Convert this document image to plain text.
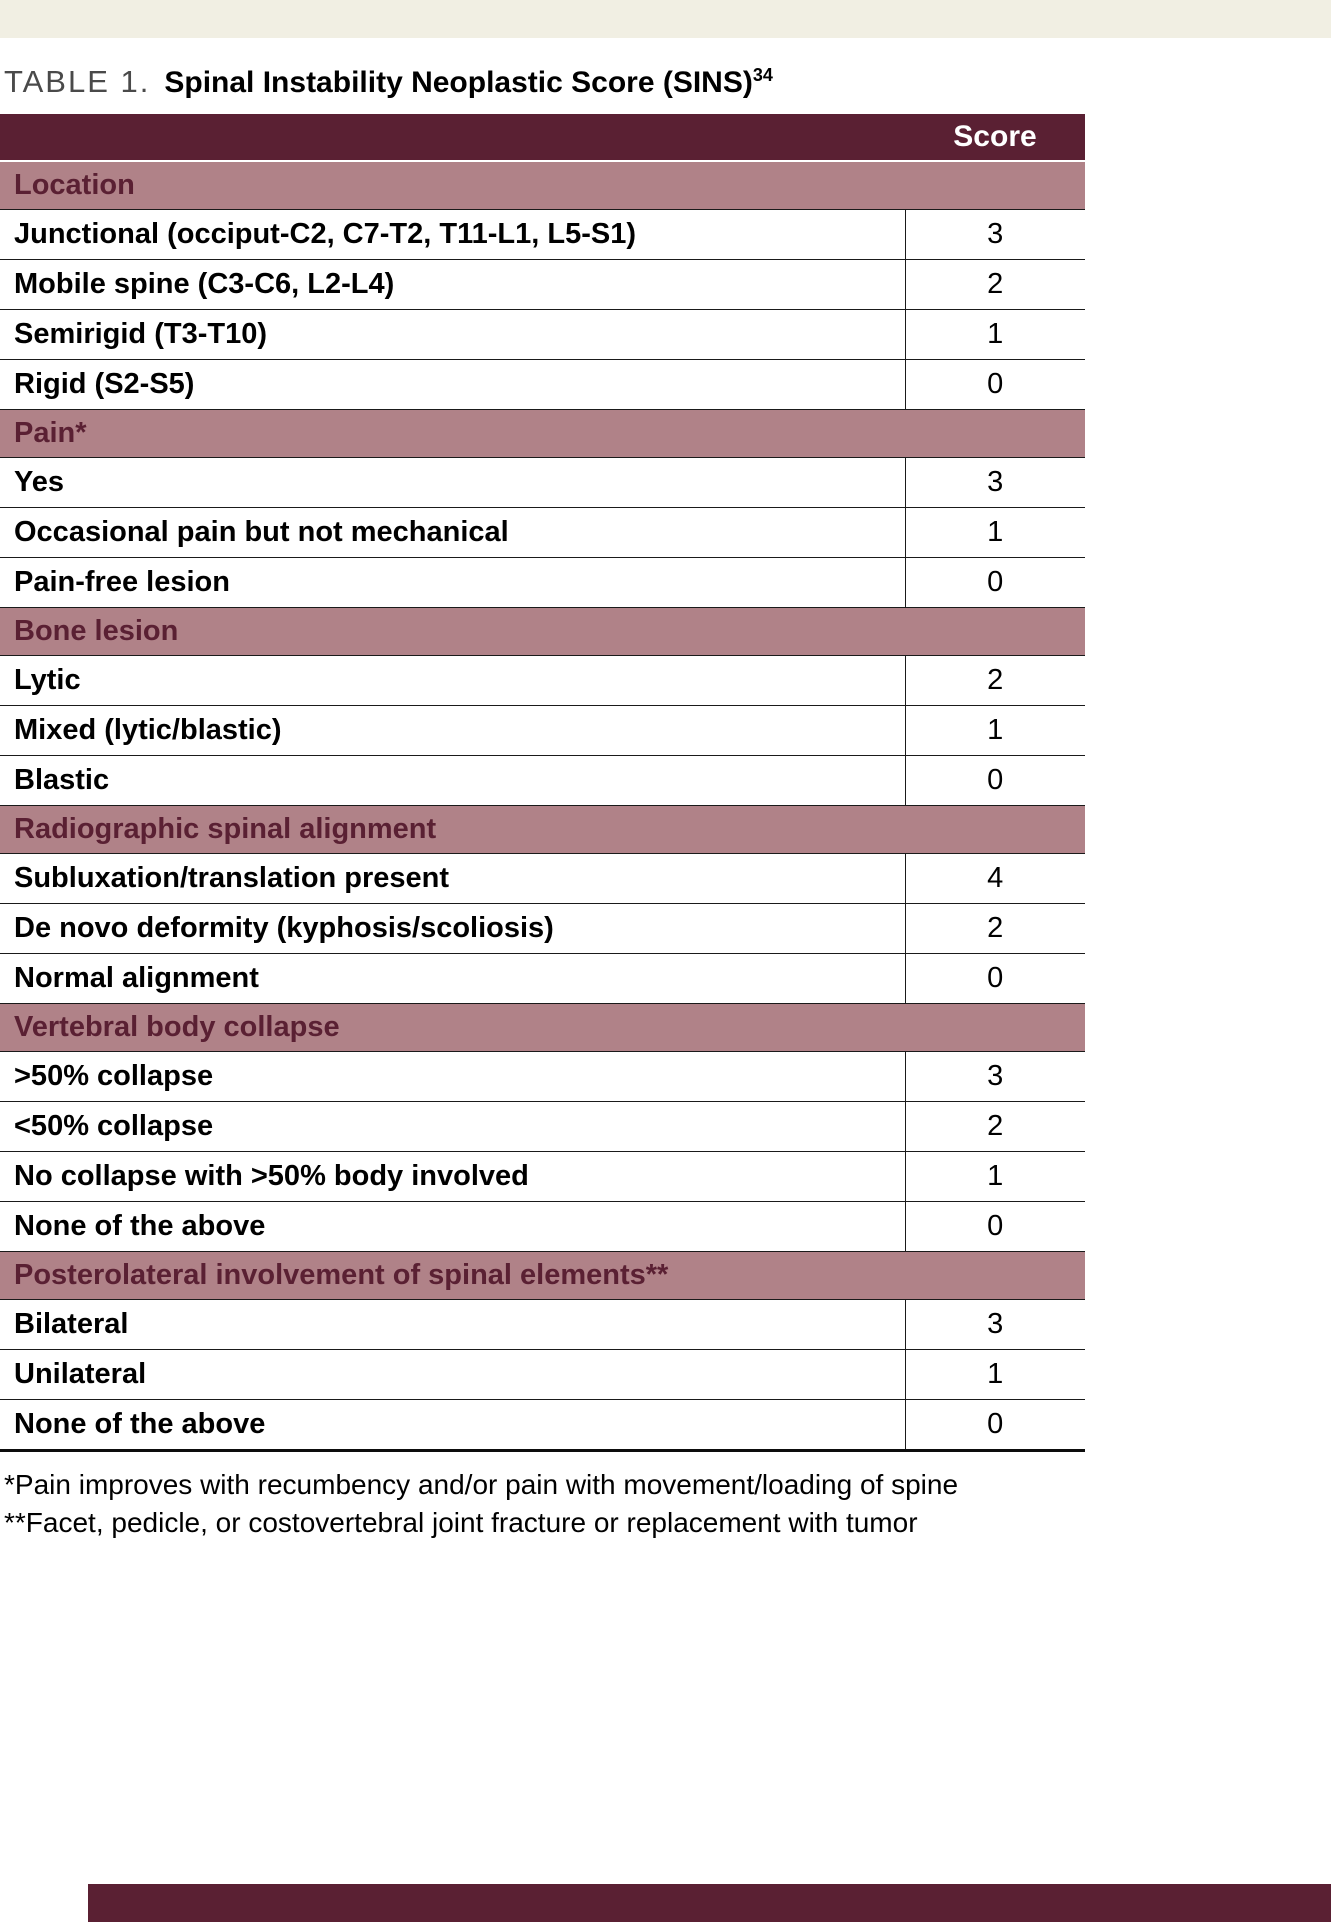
TABLE 1. Spinal Instability Neoplastic Score (SINS)$^{34}$
	Score
Location	
Junctional (occiput-C2, C7-T2, T11-L1, L5-S1)	3
Mobile spine (C3-C6, L2-L4)	2
Semirigid (T3-T10)	1
Rigid (S2-S5)	0
Pain*	
Yes	3
Occasional pain but not mechanical	1
Pain-free lesion	0
Bone lesion	
Lytic	2
Mixed (lytic/blastic)	1
Blastic	0
Radiographic spinal alignment	
Subluxation/translation present	4
De novo deformity (kyphosis/scoliosis)	2
Normal alignment	0
Vertebral body collapse	
>50% collapse	3
<50% collapse	2
No collapse with >50% body involved	1
None of the above	0
Posterolateral involvement of spinal elements**	
Bilateral	3
Unilateral	1
None of the above	0
*Pain improves with recumbency and/or pain with movement/loading of spine
**Facet, pedicle, or costovertebral joint fracture or replacement with tumor
